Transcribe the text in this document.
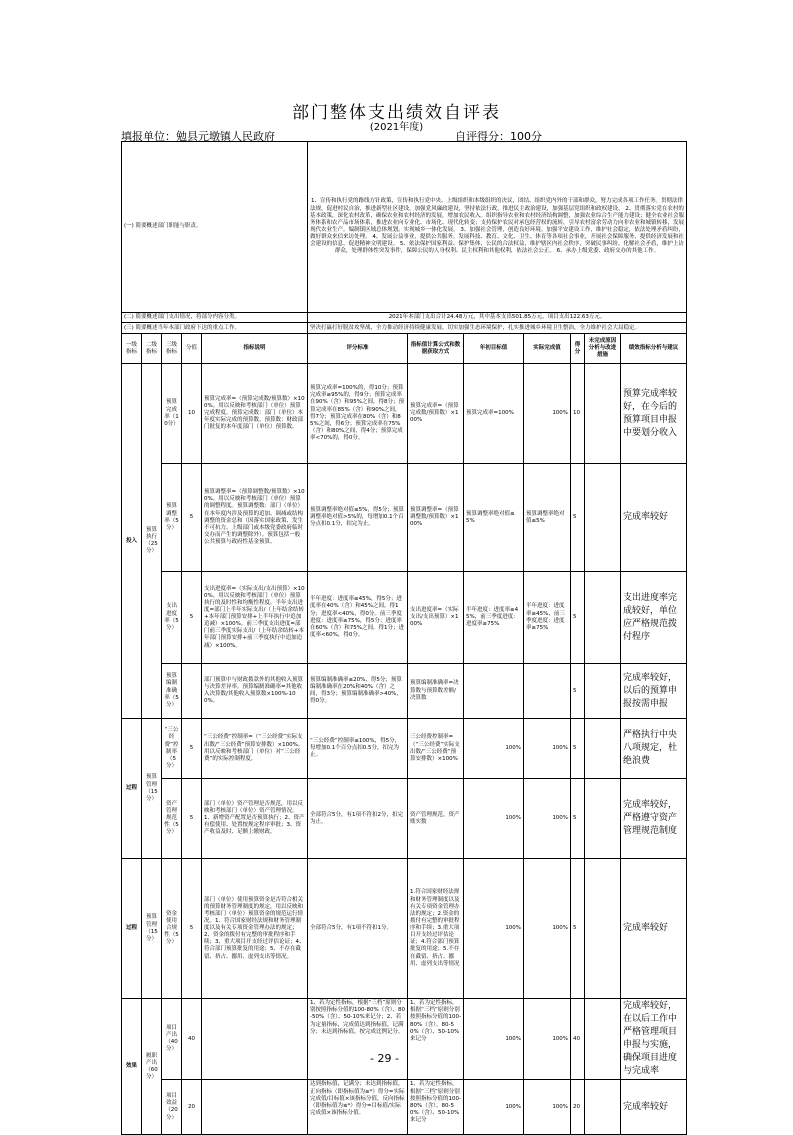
部门整体支出绩效自评表
(2021年度)
填报单位：勉县元墩镇人民政府	自评得分：100分
(一) 简要概述部门职能与职责。					1、宣传和执行党的路线方针政策，宣传和执行党中央、上级组织和本级组织的决议，团结、组织党内外的干部和群众，努力完成各项工作任务。贯彻法律法规，促进村民自治，推进新型社区建设，加强党风廉政建设，坚持依法行政，推进民主政治建设，加强基层党组织和政权建设。 2、贯彻落实党在农村的基本政策，深化农村改革，确保农业和农村经济的发展，增加农民收入。组织指导农业和农村经济结构调整，加强农业综合生产能力建设；健全农业社会服务体系和农产品市场体系，推进农业向专业化、市场化、现代化转变；支持保护农民对承包经营权的流转，引导农村富余劳动力向非农业和城镇转移，发展现代农业生产。编制镇区域总体规划，实现城乡一体化发展。 3、加强社会管理，创造良好环境。加强平安建设工作，维护社会稳定，依法处理矛盾纠纷，做好群众来信来访处理。 4、发展公益事业，提供公共服务。发展科技、教育、文化、卫生、体育等各项社会事业，开展社会保障服务，提供经济发展和社会建设的信息，促进精神文明建设。 5、依法保护国家利益、保护集体、公民的合法权益，维护辖区内社会秩序，突破民事纠纷、化解社会矛盾，维护上访群众，处理群体性突发事件，保障公民的人身权利、民主权利和其他权利，依法社会公正。 6、承办上级党委、政府交办的其他工作。						
(二) 简要概述部门支出情况，将部分内容分类。					2021年本部门支出合计24.48万元，其中基本支出501.85万元，项目支出122.63万元。						
(三) 简要概述当年本部门政府下达的重点工作。					坚决打赢打好脱贫攻坚战，全力推动经济持续健康发展，切实加强生态环境保护，扎实推进城乡环境卫生整治，全力维护社会大局稳定。						
一级指标	二级指标	三级指标	分值	指标说明	评分标准	指标值计算公式和数据获取方式	年初目标值	实际完成值	得分	未完成原因分析与改进措施	绩效指标分析与建议
投入	预算执行（25分）	预算完成率（10分）	10	预算完成率=（预算完成数/预算数）×100%。用以反映和考核部门（单位）预算完成程度。预算完成数：部门（单位）本年度实际完成的预算数。预算数：财政部门批复的本年度部门（单位）预算数。	预算完成率=100%的，得10分；预算完成率≥95%的，得9分；预算完成率在90%（含）和95%之间，得8分；预算完成率在85%（含）和90%之间，得7分；预算完成率在80%（含）和85%之间，得6分；预算完成率在75%（含）和80%之间，得4分；预算完成率<70%的，得0分。	预算完成率=（预算完成数/预算数）×100%	预算完成率=100%	100%	10		预算完成率较好，在今后的预算项目申报中要划分收入
		预算调整率（5分）	5	预算调整率=（预算调整数/预算数）×100%。用以反映和考核部门（单位）预算的调整程度。预算调整数：部门（单位）在本年度内涉及预算的追加、调减或结构调整的资金总和（因落实国家政策、发生不可抗力、上级部门或本级党委政府临时交办而产生的调整除外）。预算包括一般公共预算与政府性基金预算。	预算调整率绝对值≤5%，得5分；预算调整率绝对值>5%的，每增加0.1个百分点扣0.1分，扣完为止。	预算调整率=（预算调整数/预算数）×100%	预算调整率绝对值≤5%	预算调整率绝对值≤5%	5		完成率较好
		支出进度率（5分）	5	支出进度率=（实际支出/支出预算）×100%。用以反映和考核部门（单位）预算执行的及时性和均衡性程度。半年支出进度=部门上半年实际支出/（上年结余结转+本年部门预算安排+上半年执行中追加追减）×100%。前三季度支出进度=部门前三季度实际支出/（上年结余结转+本年部门预算安排+前三季度执行中追加追减）×100%。	半年进度：进度率≥45%，得5分；进度率在40%（含）和45%之间，得1分；进度率<40%，得0分。前三季度进度：进度率≥75%，得5分；进度率在60%（含）和75%之间，得1分；进度率<60%，得0分。	支出进度率=（实际支出/支出预算）×100%	半年进度：进度率≥45%，前三季度进度：进度率≥75%	半年进度：进度率≥45%，前三季度进度：进度率≥75%	5		支出进度率完成较好，单位应严格规范拨付程序
		预算编制准确率（5分）		部门预算中与财政拨款外的其他收入预算与决算差异率。预算编制准确率=其他收入决算数/其他收入预算数×100%-100%。	预算编制准确率≤20%，得5分；预算编制准确率在20%和40%（含）之间，得3分；预算编制准确率>40%，得0分。	预算编制准确率=决算数与预算数差额/决算数			5		完成率较好，以后的预算申报按需申报
过程	预算管理（15分）	“三公经费”控制率（5分）	5	“三公经费”控制率=（“三公经费”实际支出数/“三公经费”预算安排数）×100%。用以反映和考核部门（单位）对“三公经费”的实际控制程度。	“三公经费”控制率≤100%，得5分，每增加0.1个百分点扣0.5分，扣完为止。	三公经费控制率=（“三公经费”实际支出数/“三公经费”预算安排数）×100%	100%	100%	5		严格执行中央八项规定，杜绝浪费
		资产管理规范性（5分）	5	部门（单位）资产管理是否规范，用以反映和考核部门（单位）资产管理情况。1、新增资产配置是否预算执行；2、资产有偿使用、处置按规定程序审批；3、资产收益及时、足额上缴财政。	全部符合5分，有1项不符扣2分，扣完为止。	资产管理规范，资产账实数	100%	100%	5		完成率较好，严格遵守资产管理规范制度
过程	预算管理（15分）	资金使用合规性（5分）	5	部门（单位）使用预算资金是否符合相关的预算财务管理制度的规定，用以反映和考核部门（单位）预算资金的规范运行情况。1、符合国家财经法规和财务管理制度以及有关专项资金管理办法的规定；2、资金的拨付有完整的审批程序和手续；3、重大项目开支经过评估论证；4、符合部门预算批复的用途；5、不存在截留、挤占、挪用、虚列支出等情况。	全部符合5分，有1项不符扣1分。	1.符合国家财经法规和财务管理制度以及有关专项资金管理办法的规定；2.资金的拨付有完整的审批程序和手续；3.重大项目开支经过评估论证；4.符合部门预算批复的用途；5.不存在截留、挤占、挪用、虚列支出等情况	100%	100%	5		完成率较好
效果	履职产出（60分）	项目产出（40分）	40		1、若为定性指标，根据“三档”原则分别按照指标分值的100-80%（含）、80-50%（含）、50-10%来记分；2、若为定量指标，完成值达到指标值，记满分；未达到指标值，按完成比例记分。	1、若为定性指标，根据“三档”原则分别按照指标分值的100-80%（含）、80-50%（含）、50-10%来记分	100%	100%	40		完成率较好，在以后工作中严格管理项目申报与实施，确保项目进度与完成率
		项目效益（20分）	20		达到指标值，记满分；未达到指标值，正向指标（即指标值为≥*）得分=实际完成值/目标值×该指标分值，反向指标（即指标值为≤*）得分=目标值/实际完成值×该指标分值。	1、若为定性指标，根据“三档”原则分别按照指标分值的100-80%（含）、80-50%（含）、50-10%来记分	100%	100%	20		完成率较好
- 29 -
